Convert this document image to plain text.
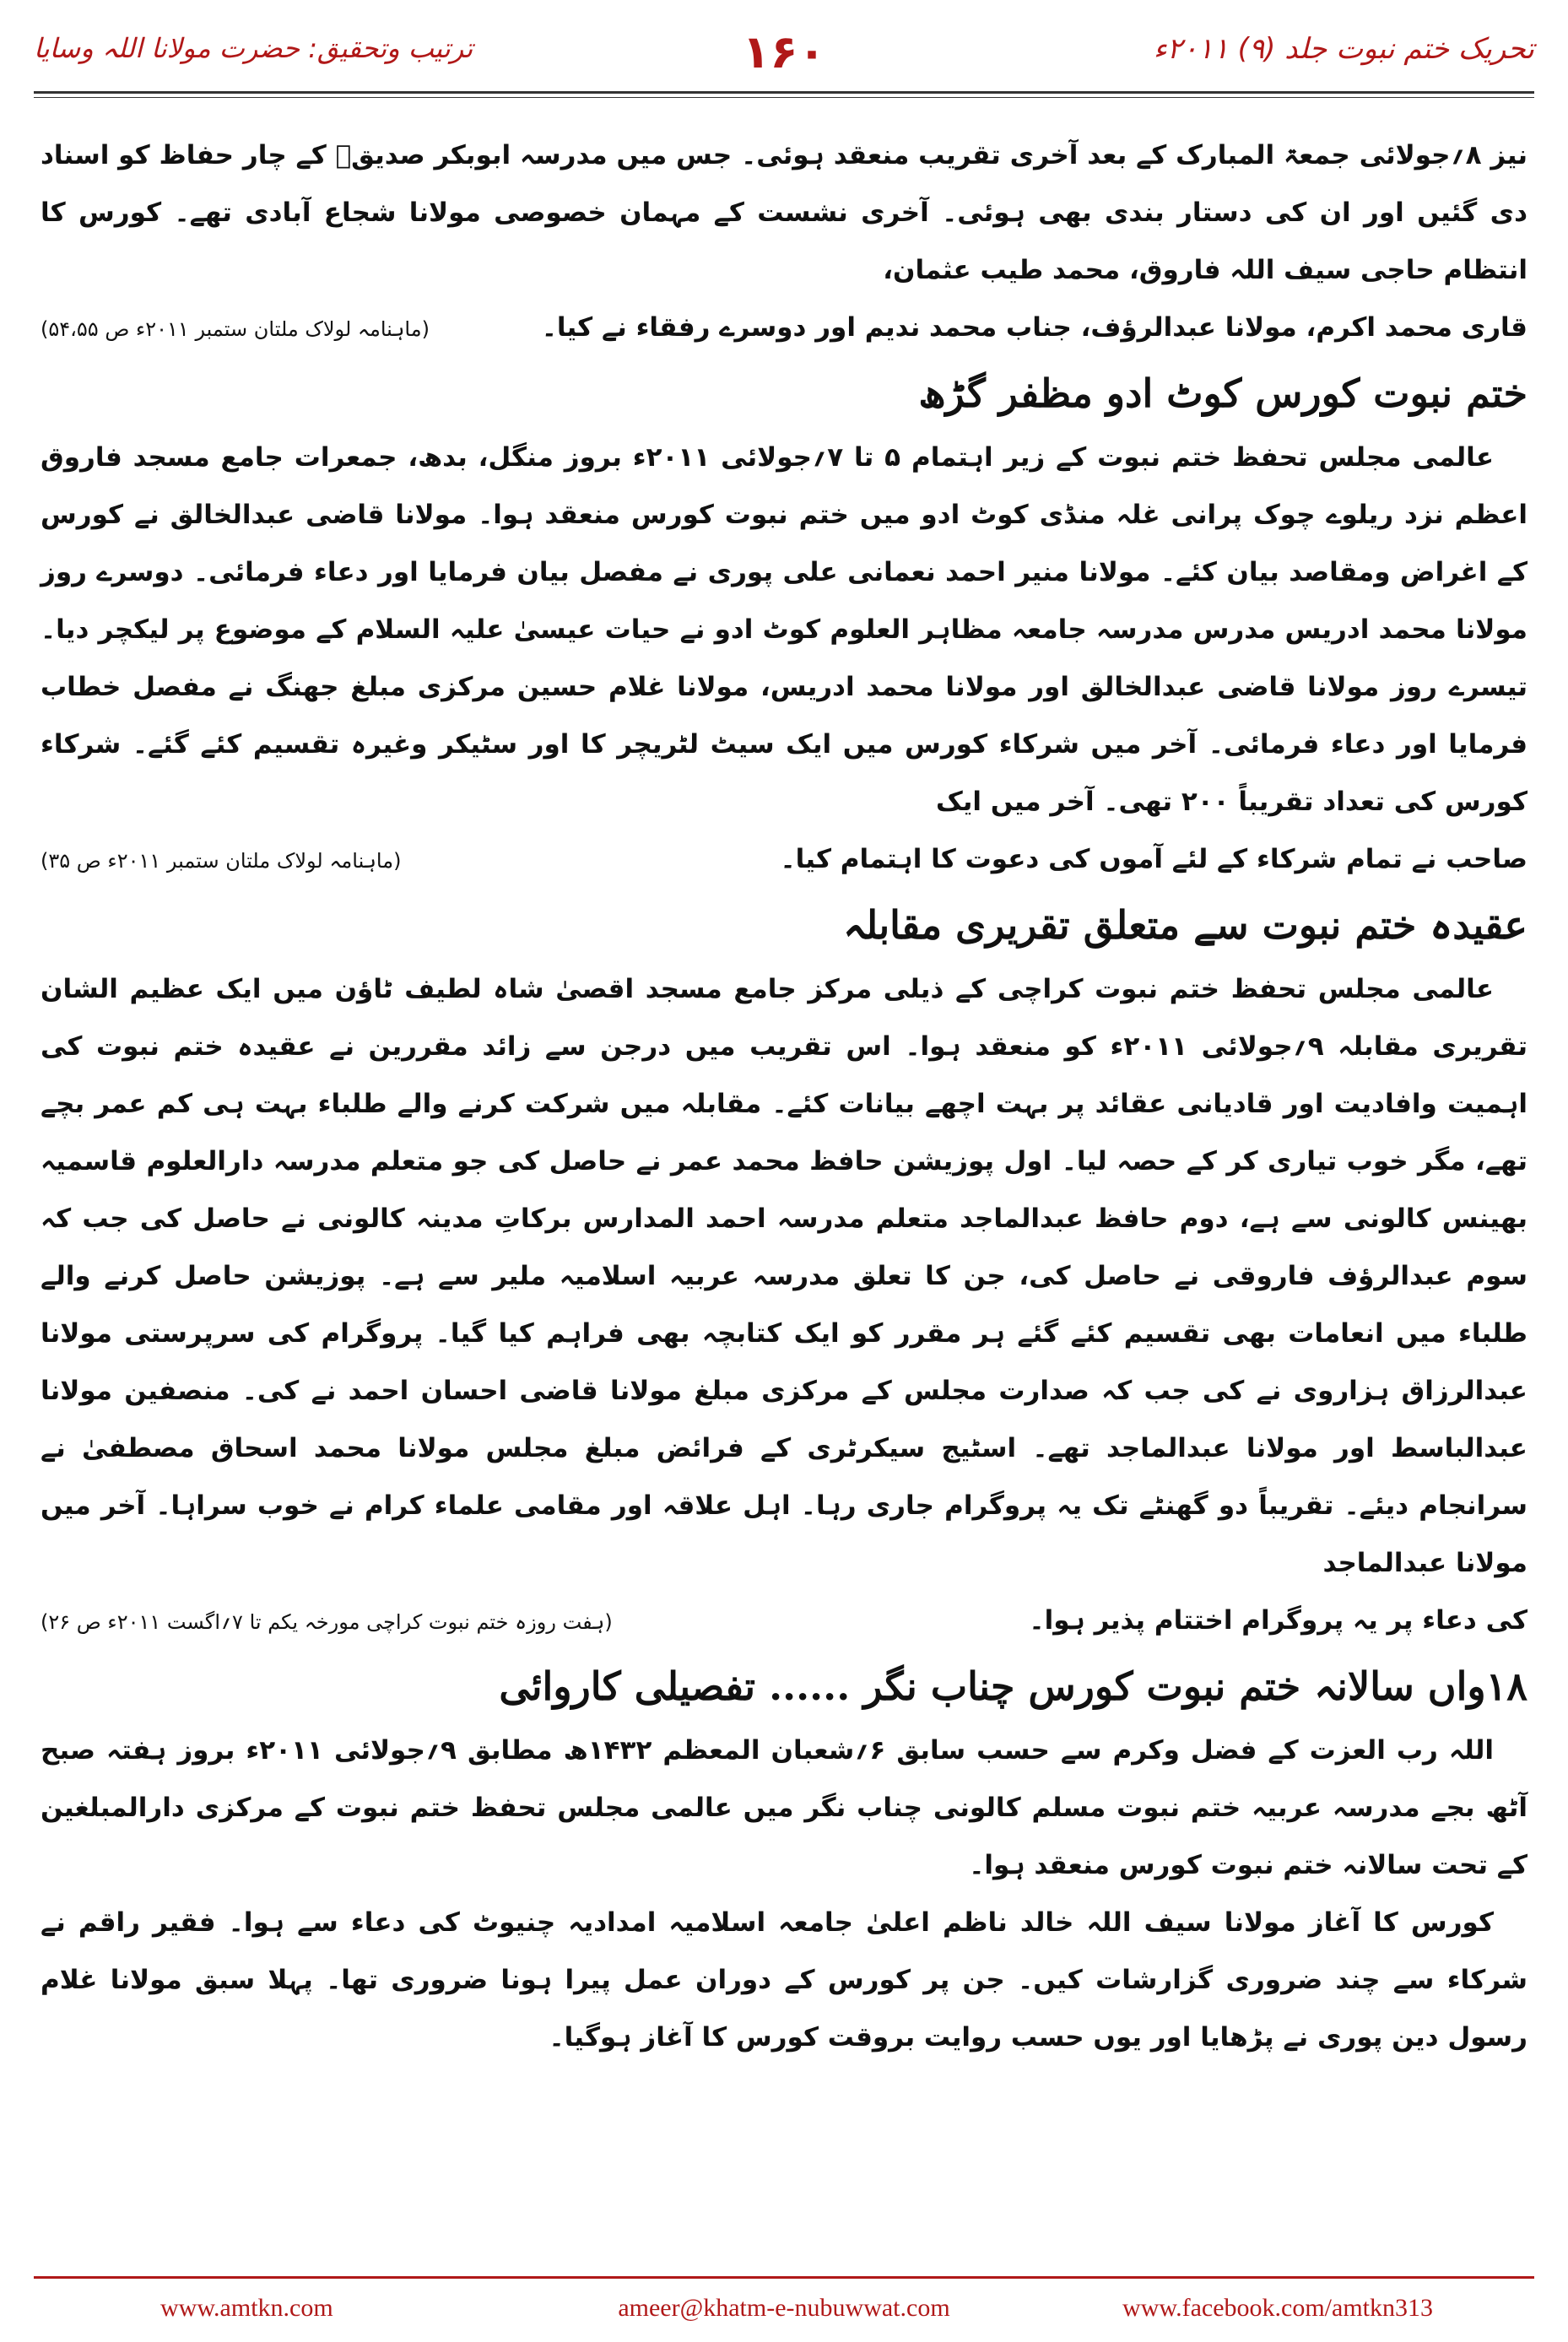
تحریک ختم نبوت جلد (۹) ۲۰۱۱ء
۱۶۰
ترتیب وتحقیق: حضرت مولانا اللہ وسایا

نیز ۸؍جولائی جمعۃ المبارک کے بعد آخری تقریب منعقد ہوئی۔ جس میں مدرسہ ابوبکر صدیقؓ کے چار حفاظ کو اسناد دی گئیں اور ان کی دستار بندی بھی ہوئی۔ آخری نشست کے مہمان خصوصی مولانا شجاع آبادی تھے۔ کورس کا انتظام حاجی سیف اللہ فاروق، محمد طیب عثمان،

قاری محمد اکرم، مولانا عبدالرؤف، جناب محمد ندیم اور دوسرے رفقاء نے کیا۔
(ماہنامہ لولاک ملتان ستمبر ۲۰۱۱ء ص ۵۴،۵۵)
ختم نبوت کورس کوٹ ادو مظفر گڑھ

عالمی مجلس تحفظ ختم نبوت کے زیر اہتمام ۵ تا ۷؍جولائی ۲۰۱۱ء بروز منگل، بدھ، جمعرات جامع مسجد فاروق اعظم نزد ریلوے چوک پرانی غلہ منڈی کوٹ ادو میں ختم نبوت کورس منعقد ہوا۔ مولانا قاضی عبدالخالق نے کورس کے اغراض ومقاصد بیان کئے۔ مولانا منیر احمد نعمانی علی پوری نے مفصل بیان فرمایا اور دعاء فرمائی۔ دوسرے روز مولانا محمد ادریس مدرس مدرسہ جامعہ مظاہر العلوم کوٹ ادو نے حیات عیسیٰ علیہ السلام کے موضوع پر لیکچر دیا۔ تیسرے روز مولانا قاضی عبدالخالق اور مولانا محمد ادریس، مولانا غلام حسین مرکزی مبلغ جھنگ نے مفصل خطاب فرمایا اور دعاء فرمائی۔ آخر میں شرکاء کورس میں ایک سیٹ لٹریچر کا اور سٹیکر وغیرہ تقسیم کئے گئے۔ شرکاء کورس کی تعداد تقریباً ۲۰۰ تھی۔ آخر میں ایک

صاحب نے تمام شرکاء کے لئے آموں کی دعوت کا اہتمام کیا۔
(ماہنامہ لولاک ملتان ستمبر ۲۰۱۱ء ص ۳۵)
عقیدہ ختم نبوت سے متعلق تقریری مقابلہ

عالمی مجلس تحفظ ختم نبوت کراچی کے ذیلی مرکز جامع مسجد اقصیٰ شاہ لطیف ٹاؤن میں ایک عظیم الشان تقریری مقابلہ ۹؍جولائی ۲۰۱۱ء کو منعقد ہوا۔ اس تقریب میں درجن سے زائد مقررین نے عقیدہ ختم نبوت کی اہمیت وافادیت اور قادیانی عقائد پر بہت اچھے بیانات کئے۔ مقابلہ میں شرکت کرنے والے طلباء بہت ہی کم عمر بچے تھے، مگر خوب تیاری کر کے حصہ لیا۔ اول پوزیشن حافظ محمد عمر نے حاصل کی جو متعلم مدرسہ دارالعلوم قاسمیہ بھینس کالونی سے ہے، دوم حافظ عبدالماجد متعلم مدرسہ احمد المدارس برکاتِ مدینہ کالونی نے حاصل کی جب کہ سوم عبدالرؤف فاروقی نے حاصل کی، جن کا تعلق مدرسہ عربیہ اسلامیہ ملیر سے ہے۔ پوزیشن حاصل کرنے والے طلباء میں انعامات بھی تقسیم کئے گئے ہر مقرر کو ایک کتابچہ بھی فراہم کیا گیا۔ پروگرام کی سرپرستی مولانا عبدالرزاق ہزاروی نے کی جب کہ صدارت مجلس کے مرکزی مبلغ مولانا قاضی احسان احمد نے کی۔ منصفین مولانا عبدالباسط اور مولانا عبدالماجد تھے۔ اسٹیج سیکرٹری کے فرائض مبلغ مجلس مولانا محمد اسحاق مصطفیٰ نے سرانجام دیئے۔ تقریباً دو گھنٹے تک یہ پروگرام جاری رہا۔ اہل علاقہ اور مقامی علماء کرام نے خوب سراہا۔ آخر میں مولانا عبدالماجد

کی دعاء پر یہ پروگرام اختتام پذیر ہوا۔
(ہفت روزہ ختم نبوت کراچی مورخہ یکم تا ۷؍اگست ۲۰۱۱ء ص ۲۶)
۱۸واں سالانہ ختم نبوت کورس چناب نگر ...... تفصیلی کاروائی

اللہ رب العزت کے فضل وکرم سے حسب سابق ۶؍شعبان المعظم ۱۴۳۲ھ مطابق ۹؍جولائی ۲۰۱۱ء بروز ہفتہ صبح آٹھ بجے مدرسہ عربیہ ختم نبوت مسلم کالونی چناب نگر میں عالمی مجلس تحفظ ختم نبوت کے مرکزی دارالمبلغین کے تحت سالانہ ختم نبوت کورس منعقد ہوا۔

کورس کا آغاز مولانا سیف اللہ خالد ناظم اعلیٰ جامعہ اسلامیہ امدادیہ چنیوٹ کی دعاء سے ہوا۔ فقیر راقم نے شرکاء سے چند ضروری گزارشات کیں۔ جن پر کورس کے دوران عمل پیرا ہونا ضروری تھا۔ پہلا سبق مولانا غلام رسول دین پوری نے پڑھایا اور یوں حسب روایت بروقت کورس کا آغاز ہوگیا۔

www.amtkn.com	ameer@khatm-e-nubuwwat.com	www.facebook.com/amtkn313
